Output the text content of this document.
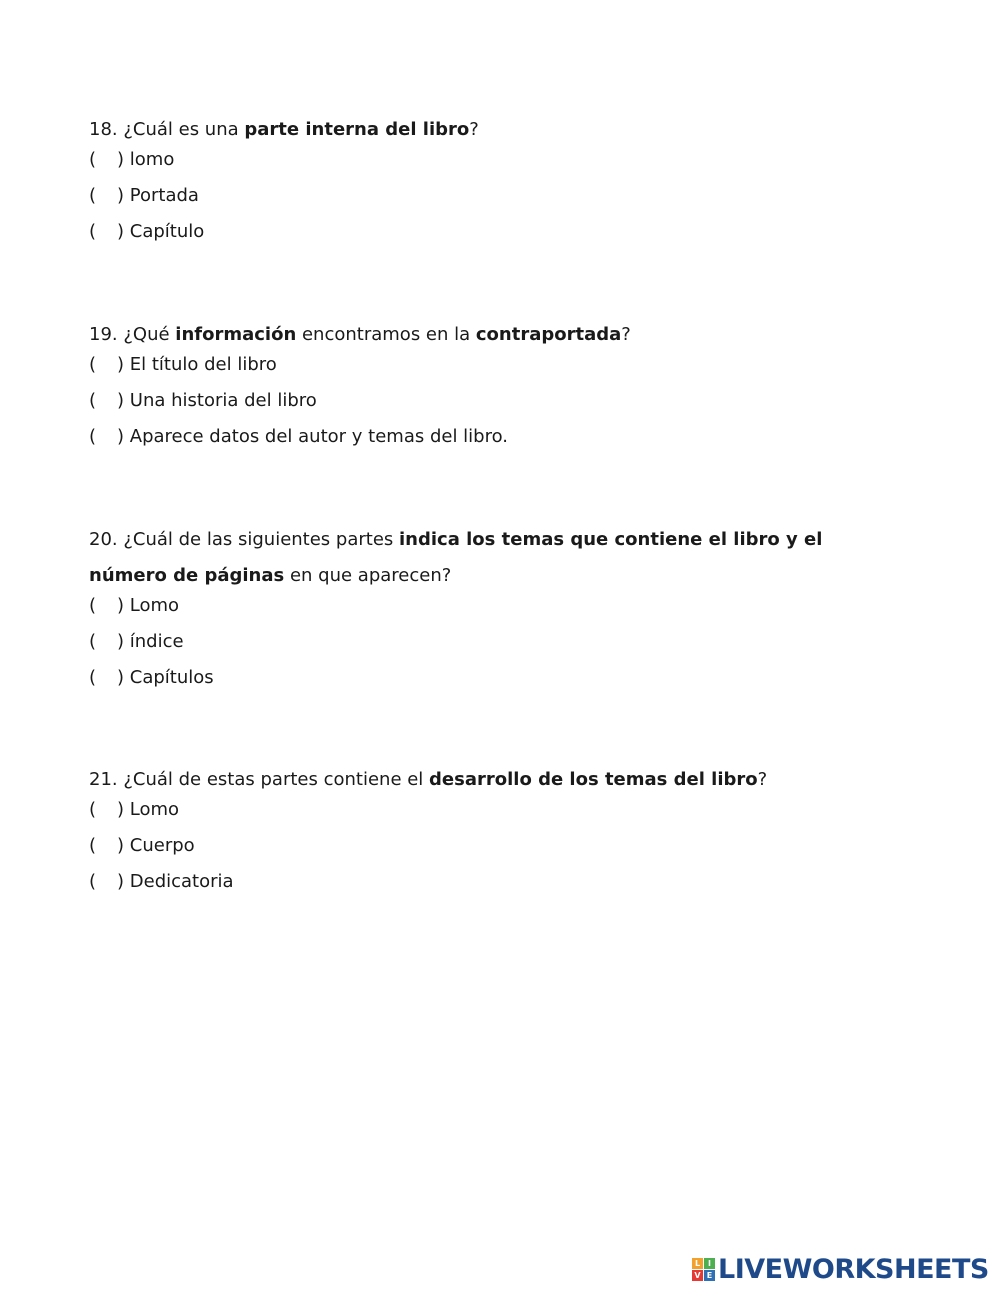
18. ¿Cuál es una parte interna del libro?

( ) lomo
( ) Portada
( ) Capítulo

19. ¿Qué información encontramos en la contraportada?

( ) El título del libro
( ) Una historia del libro
( ) Aparece datos del autor y temas del libro.

20. ¿Cuál de las siguientes partes indica los temas que contiene el libro y el número de páginas en que aparecen?

( ) Lomo
( ) índice
( ) Capítulos

21. ¿Cuál de estas partes contiene el desarrollo de los temas del libro?

( ) Lomo
( ) Cuerpo
( ) Dedicatoria
L I
V E LIVEWORKSHEETS
